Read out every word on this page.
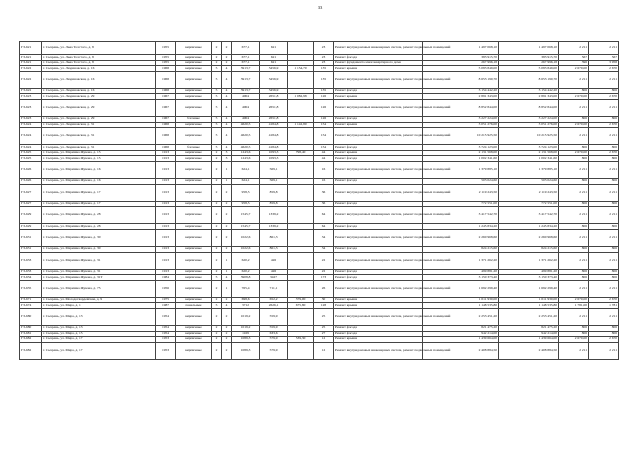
33
ГЗ-621	г. Сызрань, ул. Льва Толстого, д. 8	1955	кирпичные	2	2	677,1	621		23	Ремонт внутридомовых инженерных систем, ремонт подвальных помещений	1 497 068,10	1 497 068,10	2 211	2 211
ГЗ-621	г. Сызрань, ул. Льва Толстого, д. 8	1955	кирпичные	2	2	677,1	621		23	Ремонт фасада	383 915,70	383 915,70	567	567
ГЗ-621	г. Сызрань, ул. Льва Толстого, д. 8	1955	кирпичные	2	2	677,1	621		23	Ремонт фундамента многоквартирного дома	267 996,18	267 996,18	396	3 958
ГЗ-622	г. Сызрань, ул. Людиновская, д. 16	1968	кирпичные	5	4	3913,7	3456,9	1 154,70	135	Ремонт крыши	5 083 849,00	5 083 849,00	2 670,00	2 670
ГЗ-622	г. Сызрань, ул. Людиновская, д. 16	1968	кирпичные	5	4	3913,7	3456,9		135	Ремонт внутридомовых инженерных систем, ремонт подвальных помещений	8 653 190,70	8 653 190,70	2 211	2 211
ГЗ-622	г. Сызрань, ул. Людиновская, д. 16	1968	кирпичные	5	4	3913,7	3456,9		135	Ремонт фасада	3 154 442,20	3 154 442,20	806	806
ГЗ-623	г. Сызрань, ул. Людиновская, д. 29	1967	кирпичные	5	4	4004	2651,8	1 082,98	126	Ремонт крыши	2 891 343,00	2 891 343,00	2 670,00	2 670
ГЗ-623	г. Сызрань, ул. Людиновская, д. 29	1967	кирпичные	5	4	4004	2651,8		126	Ремонт внутридомовых инженерных систем, ремонт подвальных помещений	8 852 844,00	8 852 844,00	2 211	2 211
ГЗ-623	г. Сызрань, ул. Людиновская, д. 29	1967	блочные	5	4	4004	2651,8		126	Ремонт фасада	3 227 224,00	3 227 224,00	806	806
ГЗ-624	г. Сызрань, ул. Людиновская, д. 31	1968	кирпичные	5	4	4620,5	4184,8	1 142,80	154	Ремонт крыши	3 051 276,00	3 051 276,00	2 670,00	2 670
ГЗ-624	г. Сызрань, ул. Людиновская, д. 31	1968	кирпичные	5	4	4620,5	4184,8		154	Ремонт внутридомовых инженерных систем, ремонт подвальных помещений	10 215 925,50	10 215 925,50	2 211	2 211
ГЗ-624	г. Сызрань, ул. Людиновская, д. 31	1968	блочные	5	4	4620,5	4184,8		154	Ремонт фасада	3 724 123,00	3 724 123,00	806	806
ГЗ-625	г. Сызрань, ул. Маришка Жукова, д. 15	1913	кирпичные	2	3	1243,6	1093,3	798,40	44	Ремонт крыши	2 131 568,00	2 131 568,00	2 670,00	2 670
ГЗ-625	г. Сызрань, ул. Маришка Жукова, д. 15	1913	кирпичные	2	3	1243,6	1093,3		44	Ремонт фасада	1 002 341,60	1 002 341,60	806	806
ГЗ-626	г. Сызрань, ул. Маришка Жукова, д. 16	1913	кирпичные	2	1	624,1	569,1		16	Ремонт внутридомовых инженерных систем, ремонт подвальных помещений	1 379 885,10	1 379 885,10	2 211	2 211
ГЗ-626	г. Сызрань, ул. Маришка Жукова, д. 16	1913	кирпичные	2	1	624,1	569,1		16	Ремонт фасада	503 024,60	503 024,60	806	806
ГЗ-627	г. Сызрань, ул. Маришка Жукова, д. 17	1913	кирпичные	2	2	958,5	859,8		36	Ремонт внутридомовых инженерных систем, ремонт подвальных помещений	2 119 243,50	2 119 243,50	2 211	2 211
ГЗ-627	г. Сызрань, ул. Маришка Жукова, д. 17	1913	кирпичные	2	2	958,5	859,8		36	Ремонт фасада	772 551,00	772 551,00	806	806
ГЗ-629	г. Сызрань, ул. Маришка Жукова, д. 28	1913	кирпичные	2	2	1545,7	1339,2		64	Ремонт внутридомовых инженерных систем, ремонт подвальных помещений	3 417 542,70	3 417 542,70	2 211	2 211
ГЗ-629	г. Сызрань, ул. Маришка Жукова, д. 28	1913	кирпичные	2	2	1545,7	1339,2		64	Ремонт фасада	1 245 834,20	1 245 834,20	806	806
ГЗ-631	г. Сызрань, ул. Маришка Жукова, д. 30	1913	кирпичные	2	2	1022,6	861,3		34	Ремонт внутридомовых инженерных систем, ремонт подвальных помещений	2 260 968,60	2 260 968,60	2 211	2 211
ГЗ-631	г. Сызрань, ул. Маришка Жукова, д. 30	1913	кирпичные	2	2	1022,6	861,3		34	Ремонт фасада	824 215,60	824 215,60	806	806
ГЗ-633	г. Сызрань, ул. Маришка Жукова, д. 31	1913	кирпичные	2	1	620,2	426		22	Ремонт внутридомовых инженерных систем, ремонт подвальных помещений	1 371 262,20	1 371 262,20	2 211	2 211
ГЗ-633	г. Сызрань, ул. Маришка Жукова, д. 31	1913	кирпичные	2	1	620,2	426		22	Ремонт фасада	499 881,20	499 881,20	806	806
ГЗ-634	г. Сызрань, ул. Маришка Жукова, д. 31Т	1984	кирпичные	5	4	3908,8	3427		173	Ремонт фасада	3 150 373,40	3 150 373,40	806	806
ГЗ-635	г. Сызрань, ул. Маришка Жукова, д. 75	1956	кирпичные	2	1	765,4	711,1		26	Ремонт внутридомовых инженерных систем, ремонт подвальных помещений	1 692 299,40	1 692 299,40	2 211	2 211
ГЗ-671	г. Сызрань, ул. Молодогвардейская, д. 9	1975	кирпичные	2	2	698,6	652,2	379,00	30	Ремонт крыши	1 011 930,00	1 011 930,00	2 670,00	2 670
ГЗ-674	г. Сызрань, ул. Мира, д. 1	1987	панельные	5	4	3712	2626,1	675,80	128	Ремонт крыши	1 148 535,80	1 148 535,80	1 781,00	1 781
ГЗ-680	г. Сызрань, ул. Мира, д. 13	1954	кирпичные	2	2	1019,2	559,9		25	Ремонт внутридомовых инженерных систем, ремонт подвальных помещений	2 253 451,20	2 253 451,20	2 211	2 211
ГЗ-680	г. Сызрань, ул. Мира, д. 13	1954	кирпичные	2	2	1019,2	559,9		25	Ремонт фасада	821 475,20	821 475,20	806	806
ГЗ-681	г. Сызрань, ул. Мира, д. 15	1954	кирпичные	2	2	1169	633,6		27	Ремонт фасада	942 214,00	942 214,00	806	806
ГЗ-682	г. Сызрань, ул. Мира, д. 17	1953	кирпичные	2	2	1089,3	579,9	539,30	12	Ремонт крыши	1 439 664,00	1 439 664,00	2 670,00	2 670
ГЗ-682	г. Сызрань, ул. Мира, д. 17	1953	кирпичные	2	2	1089,3	579,9		12	Ремонт внутридомовых инженерных систем, ремонт подвальных помещений	2 408 884,50	2 408 884,50	2 211	2 211
